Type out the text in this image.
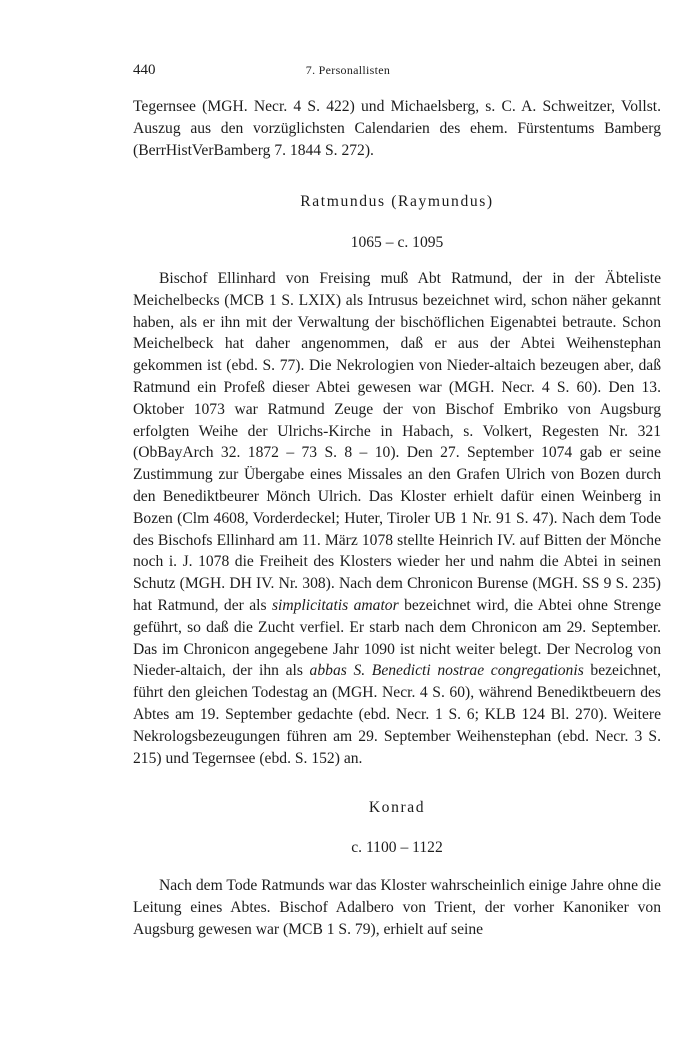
440	7. Personallisten

Tegernsee (MGH. Necr. 4 S. 422) und Michaelsberg, s. C. A. Schweitzer, Vollst. Auszug aus den vorzüglichsten Calendarien des ehem. Fürstentums Bamberg (BerrHistVerBamberg 7. 1844 S. 272).

Ratmundus (Raymundus)

1065 – c. 1095

Bischof Ellinhard von Freising muß Abt Ratmund, der in der Äbteliste Meichelbecks (MCB 1 S. LXIX) als Intrusus bezeichnet wird, schon näher gekannt haben, als er ihn mit der Verwaltung der bischöflichen Eigenabtei betraute. Schon Meichelbeck hat daher angenommen, daß er aus der Abtei Weihenstephan gekommen ist (ebd. S. 77). Die Nekrologien von Nieder-altaich bezeugen aber, daß Ratmund ein Profeß dieser Abtei gewesen war (MGH. Necr. 4 S. 60). Den 13. Oktober 1073 war Ratmund Zeuge der von Bischof Embriko von Augsburg erfolgten Weihe der Ulrichs-Kirche in Habach, s. Volkert, Regesten Nr. 321 (ObBayArch 32. 1872 – 73 S. 8 – 10). Den 27. September 1074 gab er seine Zustimmung zur Übergabe eines Missales an den Grafen Ulrich von Bozen durch den Benediktbeurer Mönch Ulrich. Das Kloster erhielt dafür einen Weinberg in Bozen (Clm 4608, Vorderdeckel; Huter, Tiroler UB 1 Nr. 91 S. 47). Nach dem Tode des Bischofs Ellinhard am 11. März 1078 stellte Heinrich IV. auf Bitten der Mönche noch i. J. 1078 die Freiheit des Klosters wieder her und nahm die Abtei in seinen Schutz (MGH. DH IV. Nr. 308). Nach dem Chronicon Burense (MGH. SS 9 S. 235) hat Ratmund, der als simplicitatis amator bezeichnet wird, die Abtei ohne Strenge geführt, so daß die Zucht verfiel. Er starb nach dem Chronicon am 29. September. Das im Chronicon angegebene Jahr 1090 ist nicht weiter belegt. Der Necrolog von Nieder-altaich, der ihn als abbas S. Benedicti nostrae congregationis bezeichnet, führt den gleichen Todestag an (MGH. Necr. 4 S. 60), während Benediktbeuern des Abtes am 19. September gedachte (ebd. Necr. 1 S. 6; KLB 124 Bl. 270). Weitere Nekrologsbezeugungen führen am 29. September Weihenstephan (ebd. Necr. 3 S. 215) und Tegernsee (ebd. S. 152) an.

Konrad

c. 1100 – 1122

Nach dem Tode Ratmunds war das Kloster wahrscheinlich einige Jahre ohne die Leitung eines Abtes. Bischof Adalbero von Trient, der vorher Kanoniker von Augsburg gewesen war (MCB 1 S. 79), erhielt auf seine
